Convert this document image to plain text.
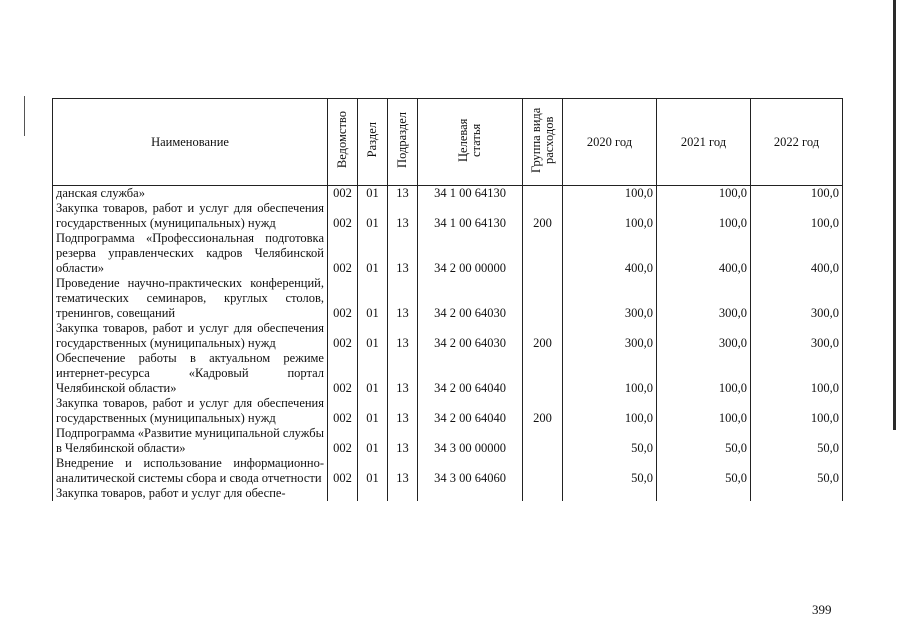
Наименование	Ведомство	Раздел	Подраздел	Целевая статья	Группа вида расходов	2020 год	2021 год	2022 год
данская служба»	002	01	13	34 1 00 64130		100,0	100,0	100,0
Закупка товаров, работ и услуг для обеспечения государственных (муниципальных) нужд	002	01	13	34 1 00 64130	200	100,0	100,0	100,0
Подпрограмма «Профессиональная подготовка резерва управленческих кадров Челябинской области»	002	01	13	34 2 00 00000		400,0	400,0	400,0
Проведение научно-практических конференций, тематических семинаров, круглых столов, тренингов, совещаний	002	01	13	34 2 00 64030		300,0	300,0	300,0
Закупка товаров, работ и услуг для обеспечения государственных (муниципальных) нужд	002	01	13	34 2 00 64030	200	300,0	300,0	300,0
Обеспечение работы в актуальном режиме интернет-ресурса «Кадровый портал Челябинской области»	002	01	13	34 2 00 64040		100,0	100,0	100,0
Закупка товаров, работ и услуг для обеспечения государственных (муниципальных) нужд	002	01	13	34 2 00 64040	200	100,0	100,0	100,0
Подпрограмма «Развитие муниципальной службы в Челябинской области»	002	01	13	34 3 00 00000		50,0	50,0	50,0
Внедрение и использование информационно-аналитической системы сбора и свода отчетности	002	01	13	34 3 00 64060		50,0	50,0	50,0
Закупка товаров, работ и услуг для обеспе-								
399
